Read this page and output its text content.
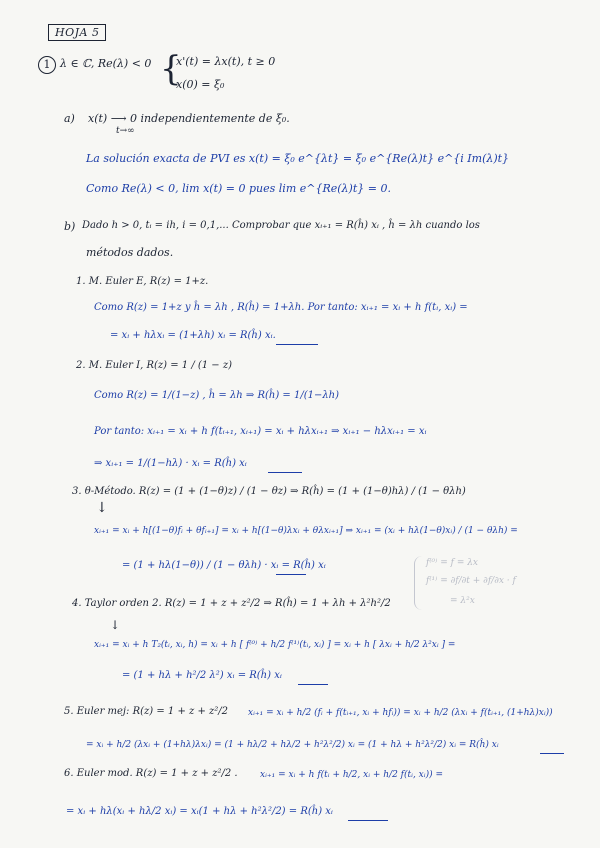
HOJA 5
1 λ ∈ ℂ, Re(λ) < 0 {
x'(t) = λx(t), t ≥ 0
x(0) = ξ₀
a) x(t) ⟶ 0 independientemente de ξ₀.
t→∞
La solución exacta de PVI es x(t) = ξ₀ e^{λt} = ξ₀ e^{Re(λ)t} e^{i Im(λ)t}
Como Re(λ) < 0, lim x(t) = 0 pues lim e^{Re(λ)t} = 0.
b) Dado h > 0, tᵢ = ih, i = 0,1,... Comprobar que xᵢ₊₁ = R(ĥ) xᵢ , ĥ = λh cuando los
métodos dados.
1. M. Euler E, R(z) = 1+z.
Como R(z) = 1+z y ĥ = λh , R(ĥ) = 1+λh. Por tanto: xᵢ₊₁ = xᵢ + h f(tᵢ, xᵢ) =
= xᵢ + hλxᵢ = (1+λh) xᵢ = R(ĥ) xᵢ.
2. M. Euler I, R(z) = 1 / (1 − z)
Como R(z) = 1/(1−z) , ĥ = λh ⇒ R(ĥ) = 1/(1−λh)
Por tanto: xᵢ₊₁ = xᵢ + h f(tᵢ₊₁, xᵢ₊₁) = xᵢ + hλxᵢ₊₁ ⇒ xᵢ₊₁ − hλxᵢ₊₁ = xᵢ
⇒ xᵢ₊₁ = 1/(1−hλ) · xᵢ = R(ĥ) xᵢ
3. θ-Método. R(z) = (1 + (1−θ)z) / (1 − θz) ⇒ R(ĥ) = (1 + (1−θ)hλ) / (1 − θλh)
↓
xᵢ₊₁ = xᵢ + h[(1−θ)fᵢ + θfᵢ₊₁] = xᵢ + h[(1−θ)λxᵢ + θλxᵢ₊₁] ⇒ xᵢ₊₁ = (xᵢ + hλ(1−θ)xᵢ) / (1 − θλh) =
= (1 + hλ(1−θ)) / (1 − θλh) · xᵢ = R(ĥ) xᵢ	f⁽⁰⁾ = f = λx
f⁽¹⁾ = ∂f/∂t + ∂f/∂x · f
= λ²x
4. Taylor orden 2. R(z) = 1 + z + z²/2 ⇒ R(ĥ) = 1 + λh + λ²h²/2
↓
xᵢ₊₁ = xᵢ + h T₂(tᵢ, xᵢ, h) = xᵢ + h [ f⁽⁰⁾ + h/2 f⁽¹⁾(tᵢ, xᵢ) ] = xᵢ + h [ λxᵢ + h/2 λ²xᵢ ] =
= (1 + hλ + h²/2 λ²) xᵢ = R(ĥ) xᵢ
5. Euler mej: R(z) = 1 + z + z²/2 xᵢ₊₁ = xᵢ + h/2 (fᵢ + f(tᵢ₊₁, xᵢ + hfᵢ)) = xᵢ + h/2 (λxᵢ + f(tᵢ₊₁, (1+hλ)xᵢ))
= xᵢ + h/2 (λxᵢ + (1+hλ)λxᵢ) = (1 + hλ/2 + hλ/2 + h²λ²/2) xᵢ = (1 + hλ + h²λ²/2) xᵢ = R(ĥ) xᵢ
6. Euler mod. R(z) = 1 + z + z²/2 . xᵢ₊₁ = xᵢ + h f(tᵢ + h/2, xᵢ + h/2 f(tᵢ, xᵢ)) =
= xᵢ + hλ(xᵢ + hλ/2 xᵢ) = xᵢ(1 + hλ + h²λ²/2) = R(ĥ) xᵢ
